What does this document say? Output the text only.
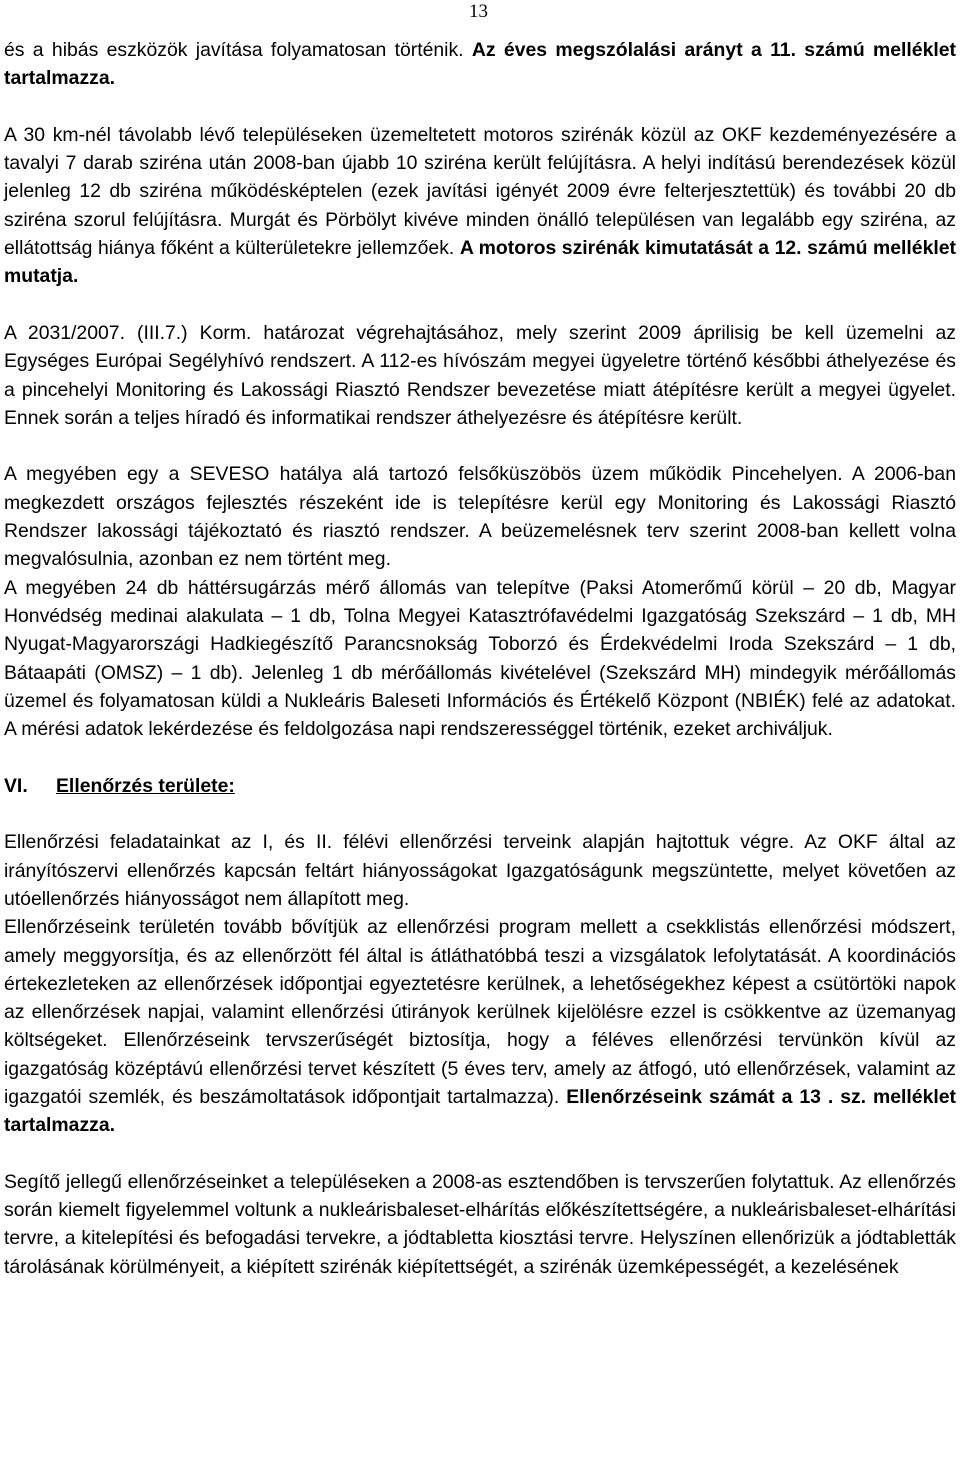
13

és a hibás eszközök javítása folyamatosan történik. Az éves megszólalási arányt a 11. számú melléklet tartalmazza.

A 30 km-nél távolabb lévő településeken üzemeltetett motoros szirénák közül az OKF kezdeményezésére a tavalyi 7 darab sziréna után 2008-ban újabb 10 sziréna került felújításra. A helyi indítású berendezések közül jelenleg 12 db sziréna működésképtelen (ezek javítási igényét 2009 évre felterjesztettük) és további 20 db sziréna szorul felújításra. Murgát és Pörbölyt kivéve minden önálló településen van legalább egy sziréna, az ellátottság hiánya főként a külterületekre jellemzőek. A motoros szirénák kimutatását a 12. számú melléklet mutatja.

A 2031/2007. (III.7.) Korm. határozat végrehajtásához, mely szerint 2009 áprilisig be kell üzemelni az Egységes Európai Segélyhívó rendszert. A 112-es hívószám megyei ügyeletre történő későbbi áthelyezése és a pincehelyi Monitoring és Lakossági Riasztó Rendszer bevezetése miatt átépítésre került a megyei ügyelet. Ennek során a teljes híradó és informatikai rendszer áthelyezésre és átépítésre került.

A megyében egy a SEVESO hatálya alá tartozó felsőküszöbös üzem működik Pincehelyen. A 2006-ban megkezdett országos fejlesztés részeként ide is telepítésre kerül egy Monitoring és Lakossági Riasztó Rendszer lakossági tájékoztató és riasztó rendszer. A beüzemelésnek terv szerint 2008-ban kellett volna megvalósulnia, azonban ez nem történt meg.

A megyében 24 db háttérsugárzás mérő állomás van telepítve (Paksi Atomerőmű körül – 20 db, Magyar Honvédség medinai alakulata – 1 db, Tolna Megyei Katasztrófavédelmi Igazgatóság Szekszárd – 1 db, MH Nyugat-Magyarországi Hadkiegészítő Parancsnokság Toborzó és Érdekvédelmi Iroda Szekszárd – 1 db, Bátaapáti (OMSZ) – 1 db). Jelenleg 1 db mérőállomás kivételével (Szekszárd MH) mindegyik mérőállomás üzemel és folyamatosan küldi a Nukleáris Baleseti Információs és Értékelő Központ (NBIÉK) felé az adatokat. A mérési adatok lekérdezése és feldolgozása napi rendszerességgel történik, ezeket archiváljuk.

VI. Ellenőrzés területe:

Ellenőrzési feladatainkat az I, és II. félévi ellenőrzési terveink alapján hajtottuk végre. Az OKF által az irányítószervi ellenőrzés kapcsán feltárt hiányosságokat Igazgatóságunk megszüntette, melyet követően az utóellenőrzés hiányosságot nem állapított meg.

Ellenőrzéseink területén tovább bővítjük az ellenőrzési program mellett a csekklistás ellenőrzési módszert, amely meggyorsítja, és az ellenőrzött fél által is átláthatóbbá teszi a vizsgálatok lefolytatását. A koordinációs értekezleteken az ellenőrzések időpontjai egyeztetésre kerülnek, a lehetőségekhez képest a csütörtöki napok az ellenőrzések napjai, valamint ellenőrzési útirányok kerülnek kijelölésre ezzel is csökkentve az üzemanyag költségeket. Ellenőrzéseink tervszerűségét biztosítja, hogy a féléves ellenőrzési tervünkön kívül az igazgatóság középtávú ellenőrzési tervet készített (5 éves terv, amely az átfogó, utó ellenőrzések, valamint az igazgatói szemlék, és beszámoltatások időpontjait tartalmazza). Ellenőrzéseink számát a 13 . sz. melléklet tartalmazza.

Segítő jellegű ellenőrzéseinket a településeken a 2008-as esztendőben is tervszerűen folytattuk. Az ellenőrzés során kiemelt figyelemmel voltunk a nukleárisbaleset-elhárítás előkészítettségére, a nukleárisbaleset-elhárítási tervre, a kitelepítési és befogadási tervekre, a jódtabletta kiosztási tervre. Helyszínen ellenőrizük a jódtabletták tárolásának körülményeit, a kiépített szirénák kiépítettségét, a szirénák üzemképességét, a kezelésének
